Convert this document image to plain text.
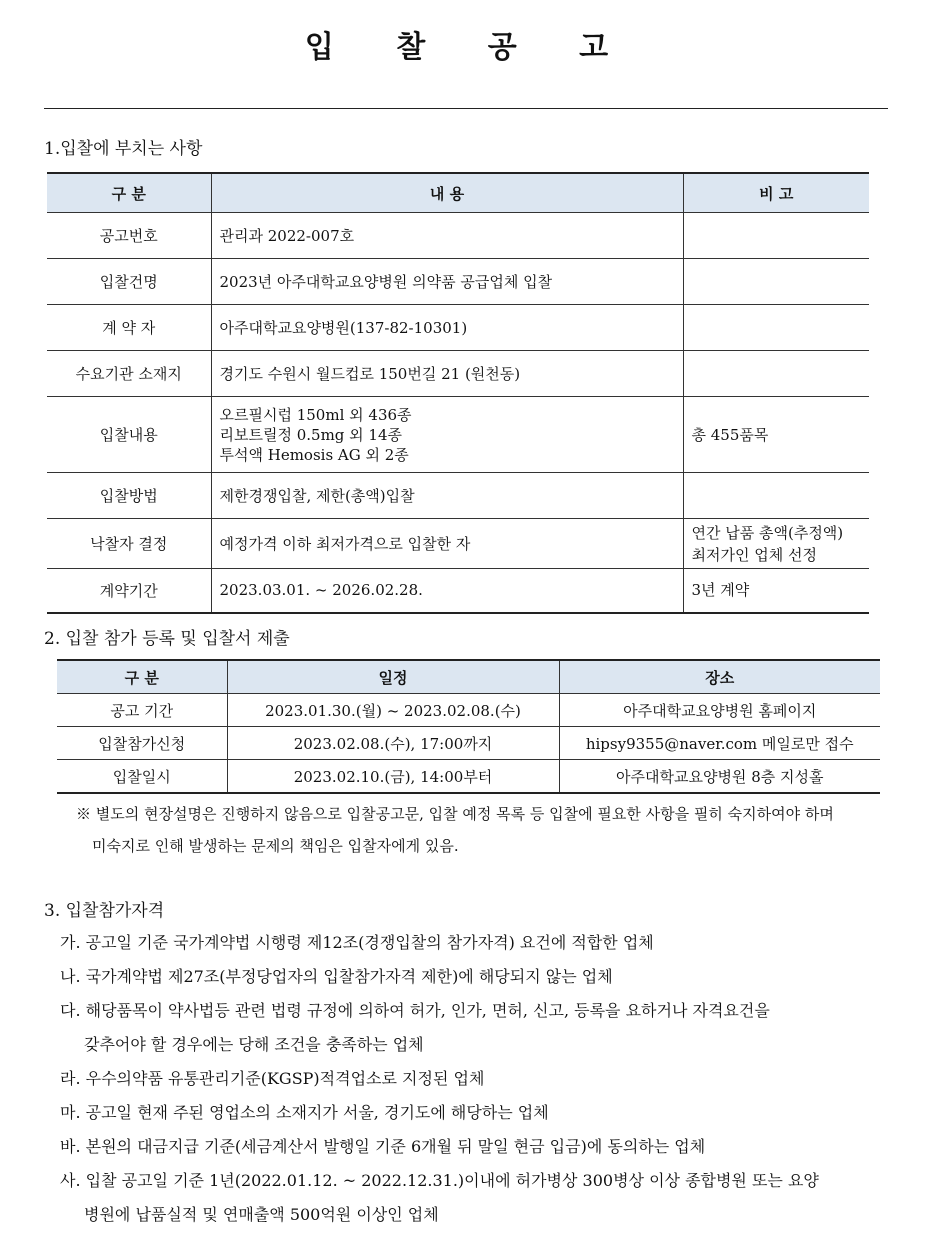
입 찰 공 고
1.입찰에 부치는 사항
구 분	내 용	비 고
공고번호	관리과 2022-007호	

입찰건명	2023년 아주대학교요양병원 의약품 공급업체 입찰	

계 약 자	아주대학교요양병원(137-82-10301)	

수요기관 소재지	경기도 수원시 월드컵로 150번길 21 (원천동)	

입찰내용	오르필시럽 150ml 외 436종
리보트릴정 0.5mg 외 14종
투석액 Hemosis AG 외 2종	총 455품목

입찰방법	제한경쟁입찰, 제한(총액)입찰	

낙찰자 결정	예정가격 이하 최저가격으로 입찰한 자	연간 납품 총액(추정액)
최저가인 업체 선정

계약기간	2023.03.01. ~ 2026.02.28.	3년 계약
2. 입찰 참가 등록 및 입찰서 제출
구 분	일정	장소
공고 기간	2023.01.30.(월) ~ 2023.02.08.(수)	아주대학교요양병원 홈페이지
입찰참가신청	2023.02.08.(수), 17:00까지	hipsy9355@naver.com 메일로만 접수
입찰일시	2023.02.10.(금), 14:00부터	아주대학교요양병원 8층 지성홀
※ 별도의 현장설명은 진행하지 않음으로 입찰공고문, 입찰 예정 목록 등 입찰에 필요한 사항을 필히 숙지하여야 하며
미숙지로 인해 발생하는 문제의 책임은 입찰자에게 있음.
3. 입찰참가자격
가. 공고일 기준 국가계약법 시행령 제12조(경쟁입찰의 참가자격) 요건에 적합한 업체
나. 국가계약법 제27조(부정당업자의 입찰참가자격 제한)에 해당되지 않는 업체
다. 해당품목이 약사법등 관련 법령 규정에 의하여 허가, 인가, 면허, 신고, 등록을 요하거나 자격요건을
갖추어야 할 경우에는 당해 조건을 충족하는 업체
라. 우수의약품 유통관리기준(KGSP)적격업소로 지정된 업체
마. 공고일 현재 주된 영업소의 소재지가 서울, 경기도에 해당하는 업체
바. 본원의 대금지급 기준(세금계산서 발행일 기준 6개월 뒤 말일 현금 입금)에 동의하는 업체
사. 입찰 공고일 기준 1년(2022.01.12. ~ 2022.12.31.)이내에 허가병상 300병상 이상 종합병원 또는 요양
병원에 납품실적 및 연매출액 500억원 이상인 업체
